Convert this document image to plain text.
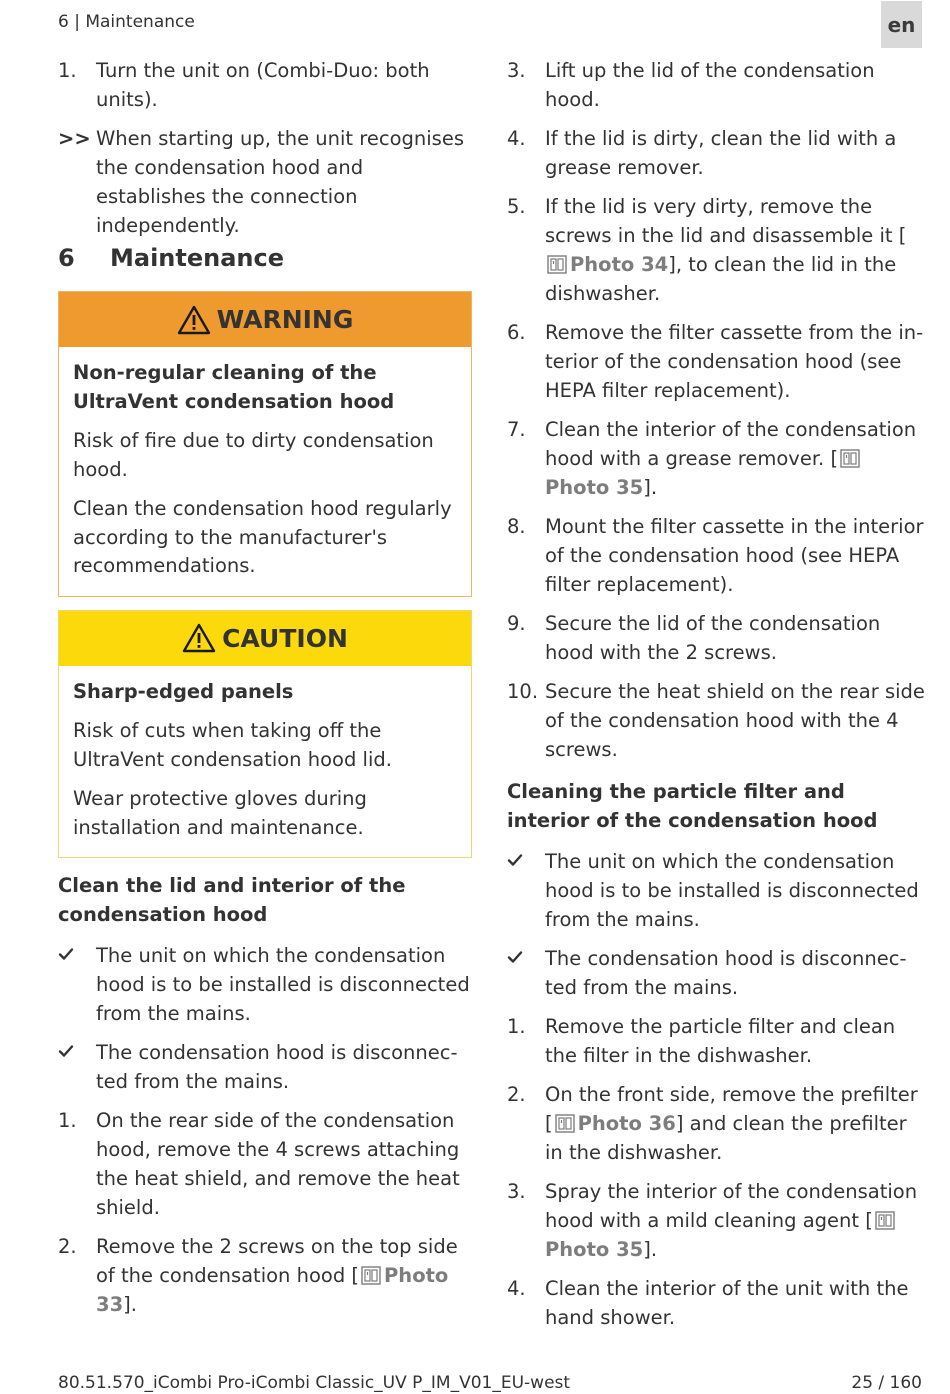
6 | Maintenance	en
1. Turn the unit on (Combi-Duo: both units).
>> When starting up, the unit recognises the condensation hood and establishes the connection independently.
6	Maintenance
WARNING

Non-regular cleaning of the UltraVent condensation hood

Risk of fire due to dirty condensation hood.

Clean the condensation hood regularly according to the manufacturer's recommendations.

CAUTION

Sharp-edged panels

Risk of cuts when taking off the UltraVent condensation hood lid.

Wear protective gloves during installation and maintenance.

Clean the lid and interior of the condensation hood
The unit on which the condensation hood is to be installed is disconnected from the mains.
The condensation hood is disconnec-ted from the mains.
1. On the rear side of the condensation hood, remove the 4 screws attaching the heat shield, and remove the heat shield.
2. Remove the 2 screws on the top side of the condensation hood [ Photo 33].
3. Lift up the lid of the condensation hood.
4. If the lid is dirty, clean the lid with a grease remover.
5. If the lid is very dirty, remove the screws in the lid and disassemble it [Photo 34], to clean the lid in the dishwasher.
6. Remove the filter cassette from the in-terior of the condensation hood (see HEPA filter replacement).
7. Clean the interior of the condensation hood with a grease remover. [Photo 35].
8. Mount the filter cassette in the interior of the condensation hood (see HEPA filter replacement).
9. Secure the lid of the condensation hood with the 2 screws.
10. Secure the heat shield on the rear side of the condensation hood with the 4 screws.
Cleaning the particle filter and interior of the condensation hood
The unit on which the condensation hood is to be installed is disconnected from the mains.
The condensation hood is disconnec-ted from the mains.
1. Remove the particle filter and clean the filter in the dishwasher.
2. On the front side, remove the prefilter [ Photo 36] and clean the prefilter in the dishwasher.
3. Spray the interior of the condensation hood with a mild cleaning agent [Photo 35].
4. Clean the interior of the unit with the hand shower.
80.51.570_iCombi Pro-iCombi Classic_UV P_IM_V01_EU-west	25 / 160
